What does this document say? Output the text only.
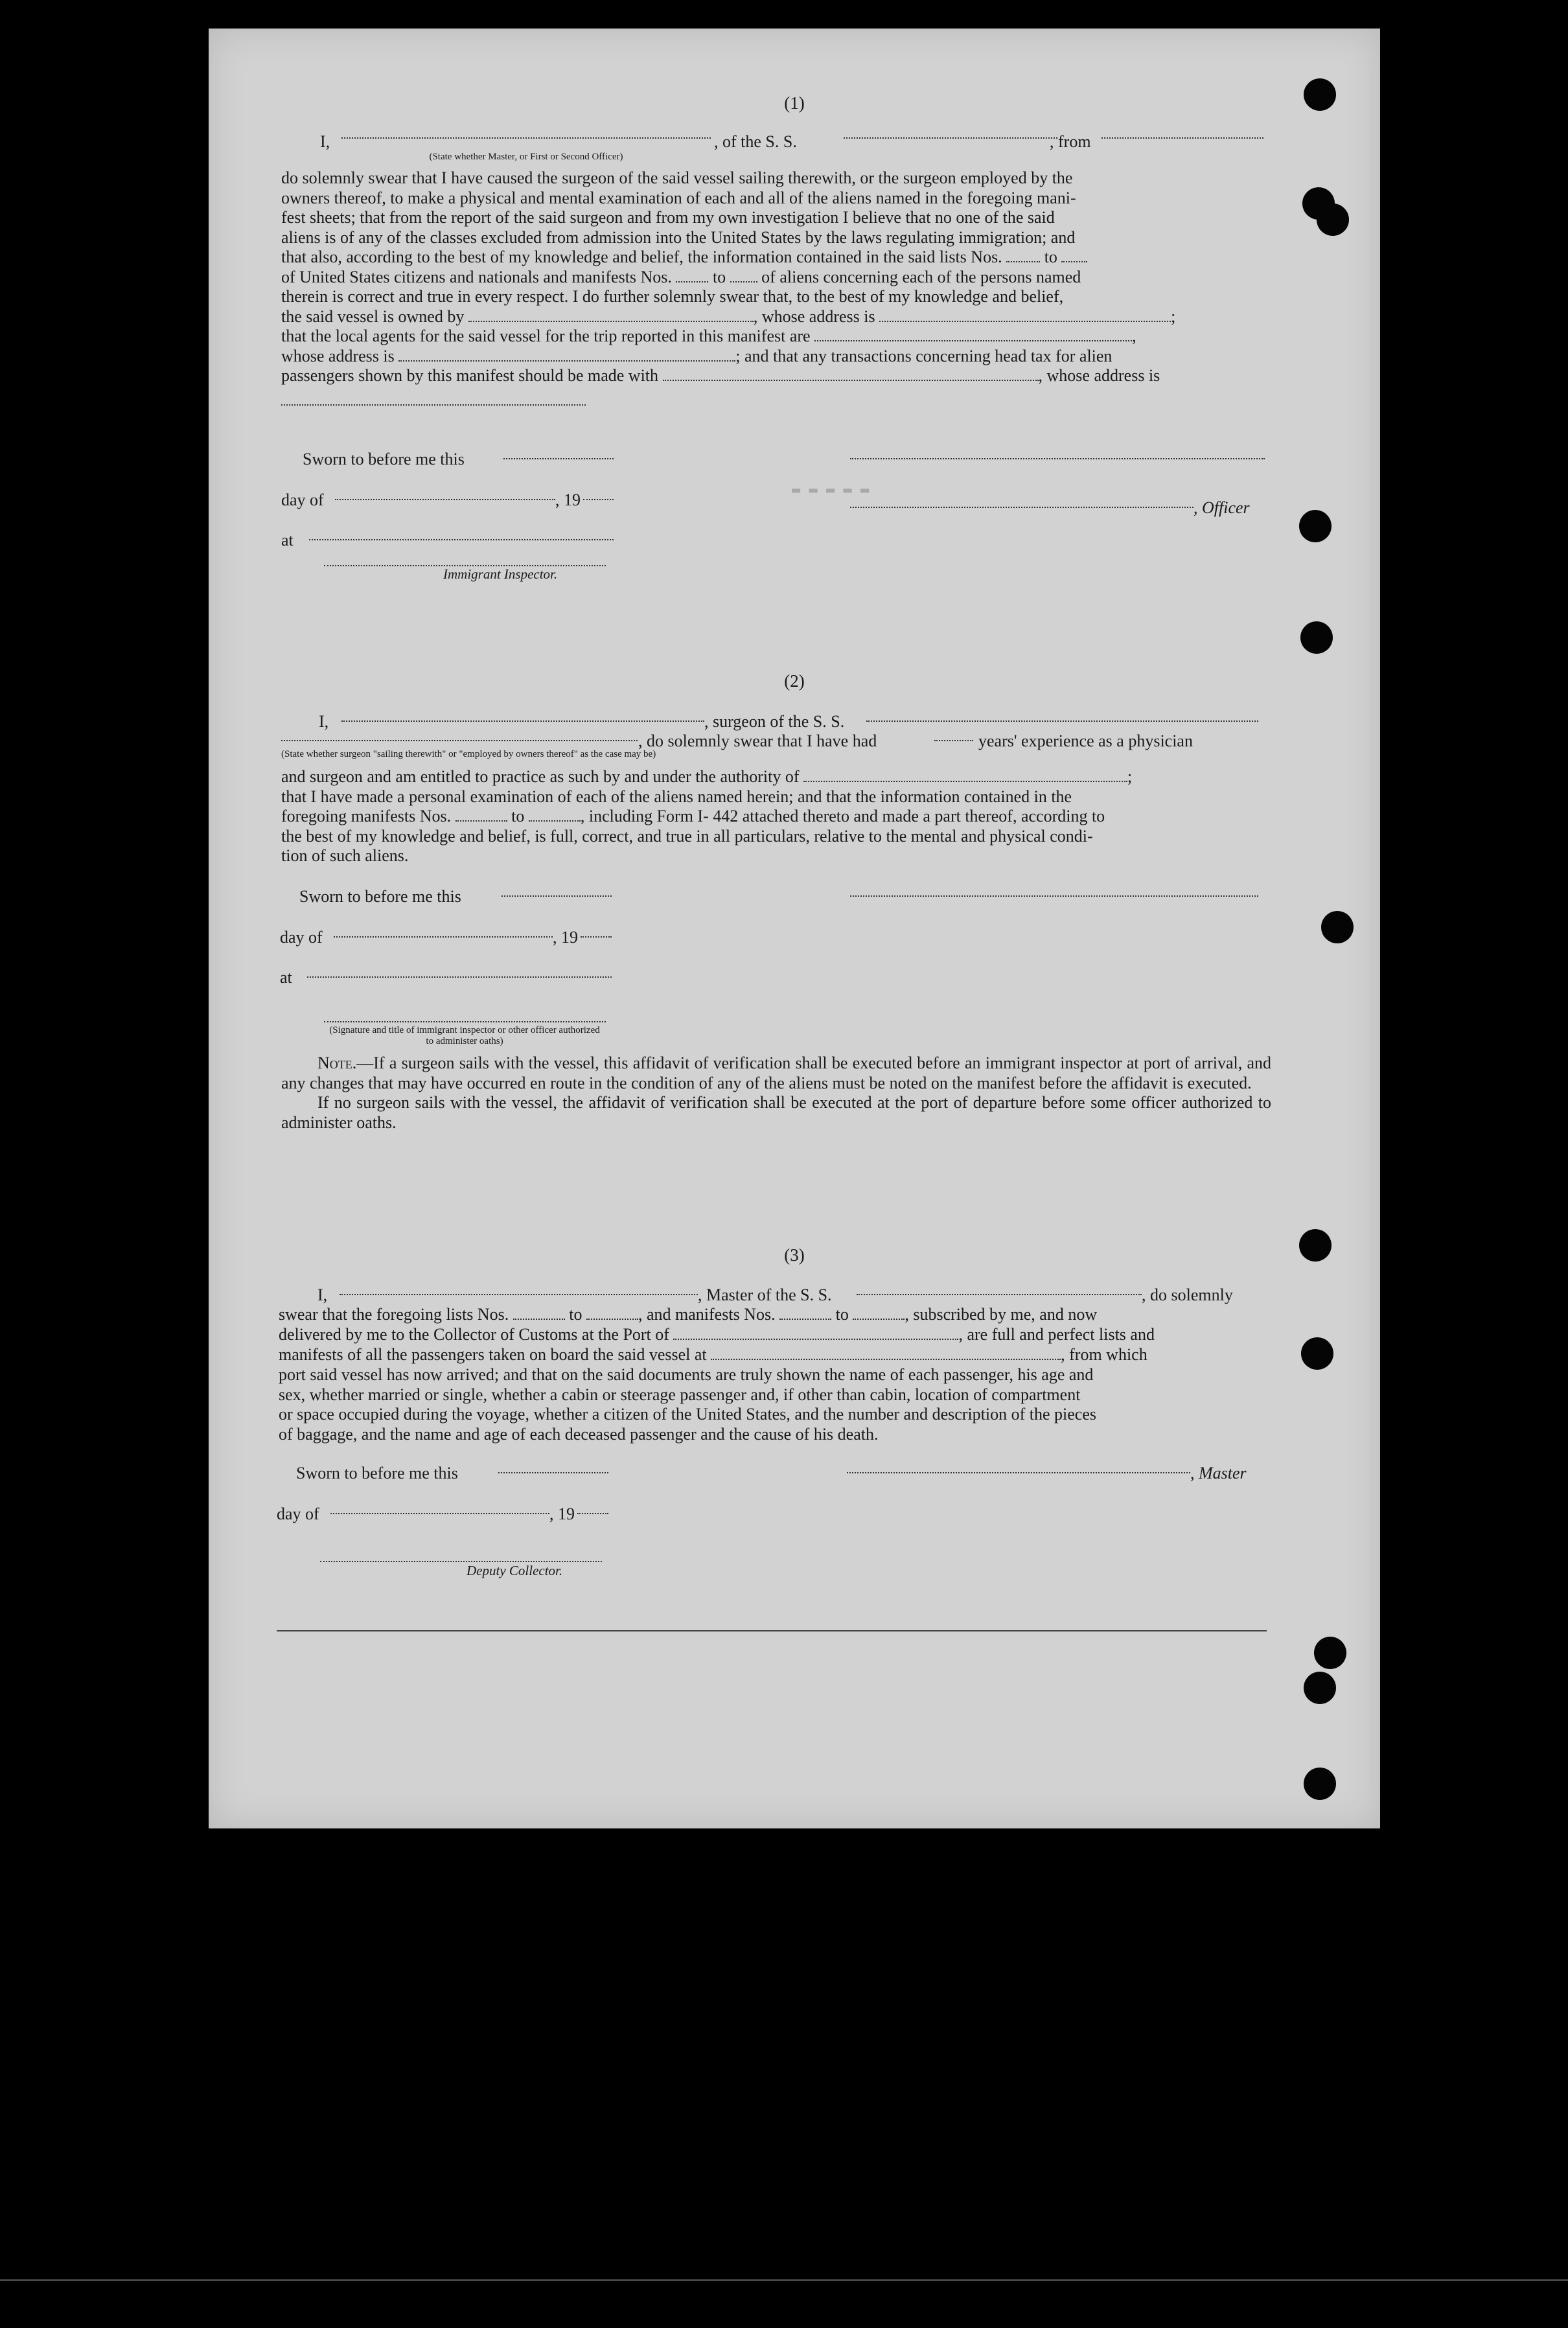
(1)
I,	, of the S. S.	, from
(State whether Master, or First or Second Officer)
do solemnly swear that I have caused the surgeon of the said vessel sailing therewith, or the surgeon employed by the
owners thereof, to make a physical and mental examination of each and all of the aliens named in the foregoing mani-
fest sheets; that from the report of the said surgeon and from my own investigation I believe that no one of the said
aliens is of any of the classes excluded from admission into the United States by the laws regulating immigration; and
that also, according to the best of my knowledge and belief, the information contained in the said lists Nos.	to
of United States citizens and nationals and manifests Nos. to of aliens concerning each of the persons named
therein is correct and true in every respect. I do further solemnly swear that, to the best of my knowledge and belief,
the said vessel is owned by	, whose address is	;
that the local agents for the said vessel for the trip reported in this manifest are	,
whose address is	; and that any transactions concerning head tax for alien
passengers shown by this manifest should be made with	, whose address is
Sworn to before me this
day of	, 19
at
, Officer
Immigrant Inspector.
▬ ▬ ▬ ▬ ▬
(2)
I,	, surgeon of the S. S.
, do solemnly swear that I have had	years' experience as a physician
(State whether surgeon "sailing therewith" or "employed by owners thereof" as the case may be)
and surgeon and am entitled to practice as such by and under the authority of	;
that I have made a personal examination of each of the aliens named herein; and that the information contained in the
foregoing manifests Nos.	to	, including Form I- 442 attached thereto and made a part thereof, according to
the best of my knowledge and belief, is full, correct, and true in all particulars, relative to the mental and physical condi-
tion of such aliens.
Sworn to before me this
day of	, 19
at
(Signature and title of immigrant inspector or other officer authorized to administer oaths)
Note.—If a surgeon sails with the vessel, this affidavit of verification shall be executed before an immigrant inspector at port of arrival, and any changes that may have occurred en route in the condition of any of the aliens must be noted on the manifest before the affidavit is executed.
If no surgeon sails with the vessel, the affidavit of verification shall be executed at the port of departure before some officer authorized to administer oaths.
(3)
I,	, Master of the S. S.	, do solemnly
swear that the foregoing lists Nos.	to	, and manifests Nos.	to	, subscribed by me, and now
delivered by me to the Collector of Customs at the Port of	, are full and perfect lists and
manifests of all the passengers taken on board the said vessel at	, from which
port said vessel has now arrived; and that on the said documents are truly shown the name of each passenger, his age and
sex, whether married or single, whether a cabin or steerage passenger and, if other than cabin, location of compartment
or space occupied during the voyage, whether a citizen of the United States, and the number and description of the pieces
of baggage, and the name and age of each deceased passenger and the cause of his death.
Sworn to before me this	, Master
day of	, 19
Deputy Collector.
